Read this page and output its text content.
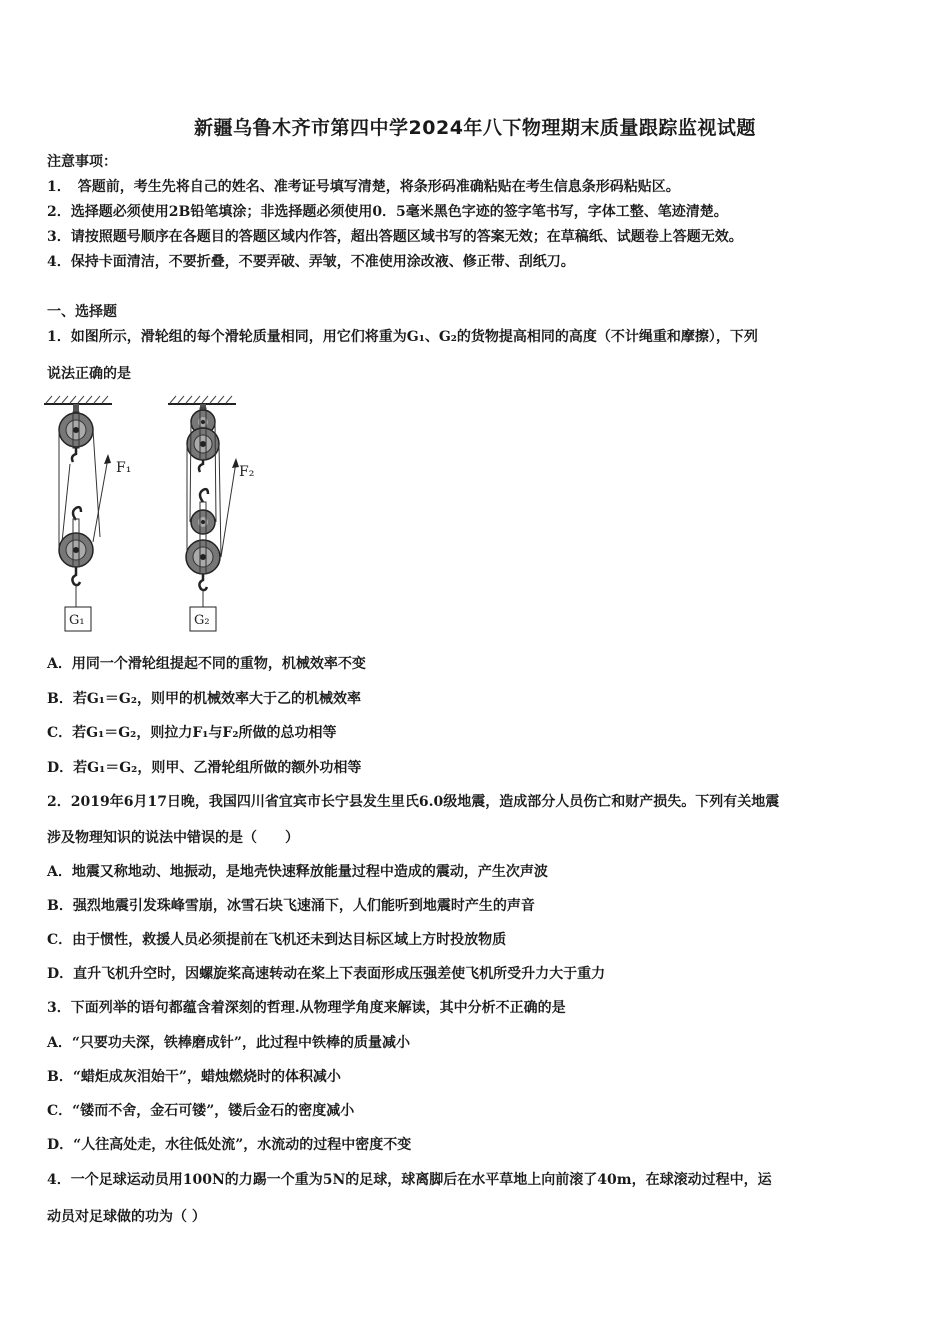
新疆乌鲁木齐市第四中学2024年八下物理期末质量跟踪监视试题
注意事项：
1．　答题前，考生先将自己的姓名、准考证号填写清楚，将条形码准确粘贴在考生信息条形码粘贴区。
2．选择题必须使用2B铅笔填涂；非选择题必须使用0．5毫米黑色字迹的签字笔书写，字体工整、笔迹清楚。
3．请按照题号顺序在各题目的答题区域内作答，超出答题区域书写的答案无效；在草稿纸、试题卷上答题无效。
4．保持卡面清洁，不要折叠，不要弄破、弄皱，不准使用涂改液、修正带、刮纸刀。
一、选择题
1．如图所示，滑轮组的每个滑轮质量相同，用它们将重为G₁、G₂的货物提高相同的高度（不计绳重和摩擦），下列
说法正确的是
F₁
G₁
F₂
G₂
A．用同一个滑轮组提起不同的重物，机械效率不变
B．若G₁＝G₂，则甲的机械效率大于乙的机械效率
C．若G₁＝G₂，则拉力F₁与F₂所做的总功相等
D．若G₁＝G₂，则甲、乙滑轮组所做的额外功相等
2．2019年6月17日晚，我国四川省宜宾市长宁县发生里氏6.0级地震，造成部分人员伤亡和财产损失。下列有关地震
涉及物理知识的说法中错误的是（　　）
A．地震又称地动、地振动，是地壳快速释放能量过程中造成的震动，产生次声波
B．强烈地震引发珠峰雪崩，冰雪石块飞速涌下，人们能听到地震时产生的声音
C．由于惯性，救援人员必须提前在飞机还未到达目标区域上方时投放物质
D．直升飞机升空时，因螺旋桨高速转动在桨上下表面形成压强差使飞机所受升力大于重力
3．下面列举的语句都蕴含着深刻的哲理.从物理学角度来解读，其中分析不正确的是
A．“只要功夫深，铁棒磨成针”，此过程中铁棒的质量减小
B．“蜡炬成灰泪始干”，蜡烛燃烧时的体积减小
C．“镂而不舍，金石可镂”，镂后金石的密度减小
D．“人往高处走，水往低处流”，水流动的过程中密度不变
4．一个足球运动员用100N的力踢一个重为5N的足球，球离脚后在水平草地上向前滚了40m，在球滚动过程中，运
动员对足球做的功为（ ）
